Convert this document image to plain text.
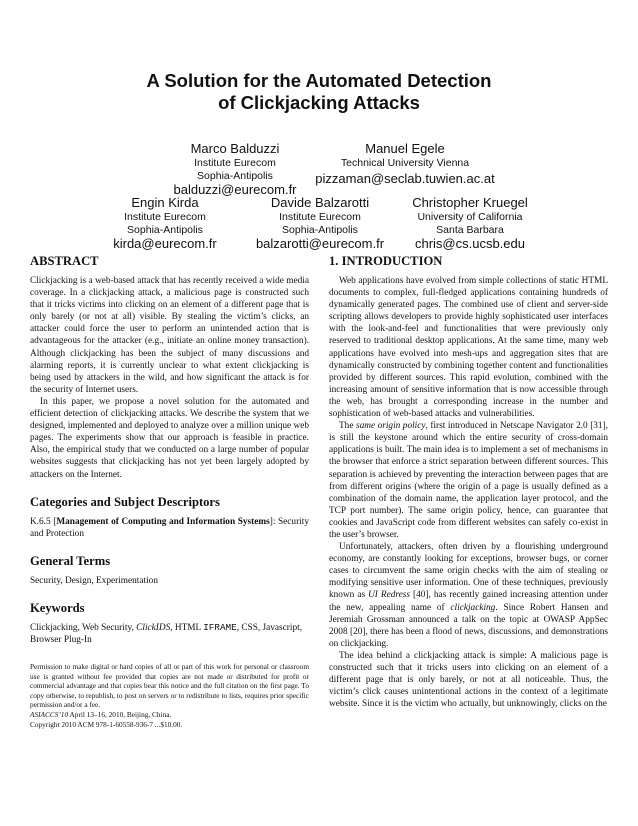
A Solution for the Automated Detection
of Clickjacking Attacks
Marco Balduzzi
Institute Eurecom
Sophia-Antipolis
balduzzi@eurecom.fr
Manuel Egele
Technical University Vienna
pizzaman@seclab.tuwien.ac.at
Engin Kirda
Institute Eurecom
Sophia-Antipolis
kirda@eurecom.fr
Davide Balzarotti
Institute Eurecom
Sophia-Antipolis
balzarotti@eurecom.fr
Christopher Kruegel
University of California
Santa Barbara
chris@cs.ucsb.edu
ABSTRACT

Clickjacking is a web-based attack that has recently received a wide media coverage. In a clickjacking attack, a malicious page is constructed such that it tricks victims into clicking on an element of a different page that is only barely (or not at all) visible. By stealing the victim’s clicks, an attacker could force the user to perform an unintended action that is advantageous for the attacker (e.g., initiate an online money transaction). Although clickjacking has been the subject of many discussions and alarming reports, it is currently unclear to what extent clickjacking is being used by attackers in the wild, and how significant the attack is for the security of Internet users.

In this paper, we propose a novel solution for the automated and efficient detection of clickjacking attacks. We describe the system that we designed, implemented and deployed to analyze over a million unique web pages. The experiments show that our approach is feasible in practice. Also, the empirical study that we conducted on a large number of popular websites suggests that clickjacking has not yet been largely adopted by attackers on the Internet.

Categories and Subject Descriptors

K.6.5 [Management of Computing and Information Systems]: Security and Protection

General Terms

Security, Design, Experimentation

Keywords

Clickjacking, Web Security, ClickIDS, HTML IFRAME, CSS, Javascript, Browser Plug-In

Permission to make digital or hard copies of all or part of this work for personal or classroom use is granted without fee provided that copies are not made or distributed for profit or commercial advantage and that copies bear this notice and the full citation on the first page. To copy otherwise, to republish, to post on servers or to redistribute to lists, requires prior specific permission and/or a fee.

ASIACCS’10 April 13–16, 2010, Beijing, China.

Copyright 2010 ACM 978-1-60558-936-7 ...$10.00.

1. INTRODUCTION

Web applications have evolved from simple collections of static HTML documents to complex, full-fledged applications containing hundreds of dynamically generated pages. The combined use of client and server-side scripting allows developers to provide highly sophisticated user interfaces with the look-and-feel and functionalities that were previously only reserved to traditional desktop applications. At the same time, many web applications have evolved into mesh-ups and aggregation sites that are dynamically constructed by combining together content and functionalities provided by different sources. This rapid evolution, combined with the increasing amount of sensitive information that is now accessible through the web, has brought a corresponding increase in the number and sophistication of web-based attacks and vulnerabilities.

The same origin policy, first introduced in Netscape Navigator 2.0 [31], is still the keystone around which the entire security of cross-domain applications is built. The main idea is to implement a set of mechanisms in the browser that enforce a strict separation between different sources. This separation is achieved by preventing the interaction between pages that are from different origins (where the origin of a page is usually defined as a combination of the domain name, the application layer protocol, and the TCP port number). The same origin policy, hence, can guarantee that cookies and JavaScript code from different websites can safely co-exist in the user’s browser.

Unfortunately, attackers, often driven by a flourishing underground economy, are constantly looking for exceptions, browser bugs, or corner cases to circumvent the same origin checks with the aim of stealing or modifying sensitive user information. One of these techniques, previously known as UI Redress [40], has recently gained increasing attention under the new, appealing name of clickjacking. Since Robert Hansen and Jeremiah Grossman announced a talk on the topic at OWASP AppSec 2008 [20], there has been a flood of news, discussions, and demonstrations on clickjacking.

The idea behind a clickjacking attack is simple: A malicious page is constructed such that it tricks users into clicking on an element of a different page that is only barely, or not at all noticeable. Thus, the victim’s click causes unintentional actions in the context of a legitimate website. Since it is the victim who actually, but unknowingly, clicks on the
